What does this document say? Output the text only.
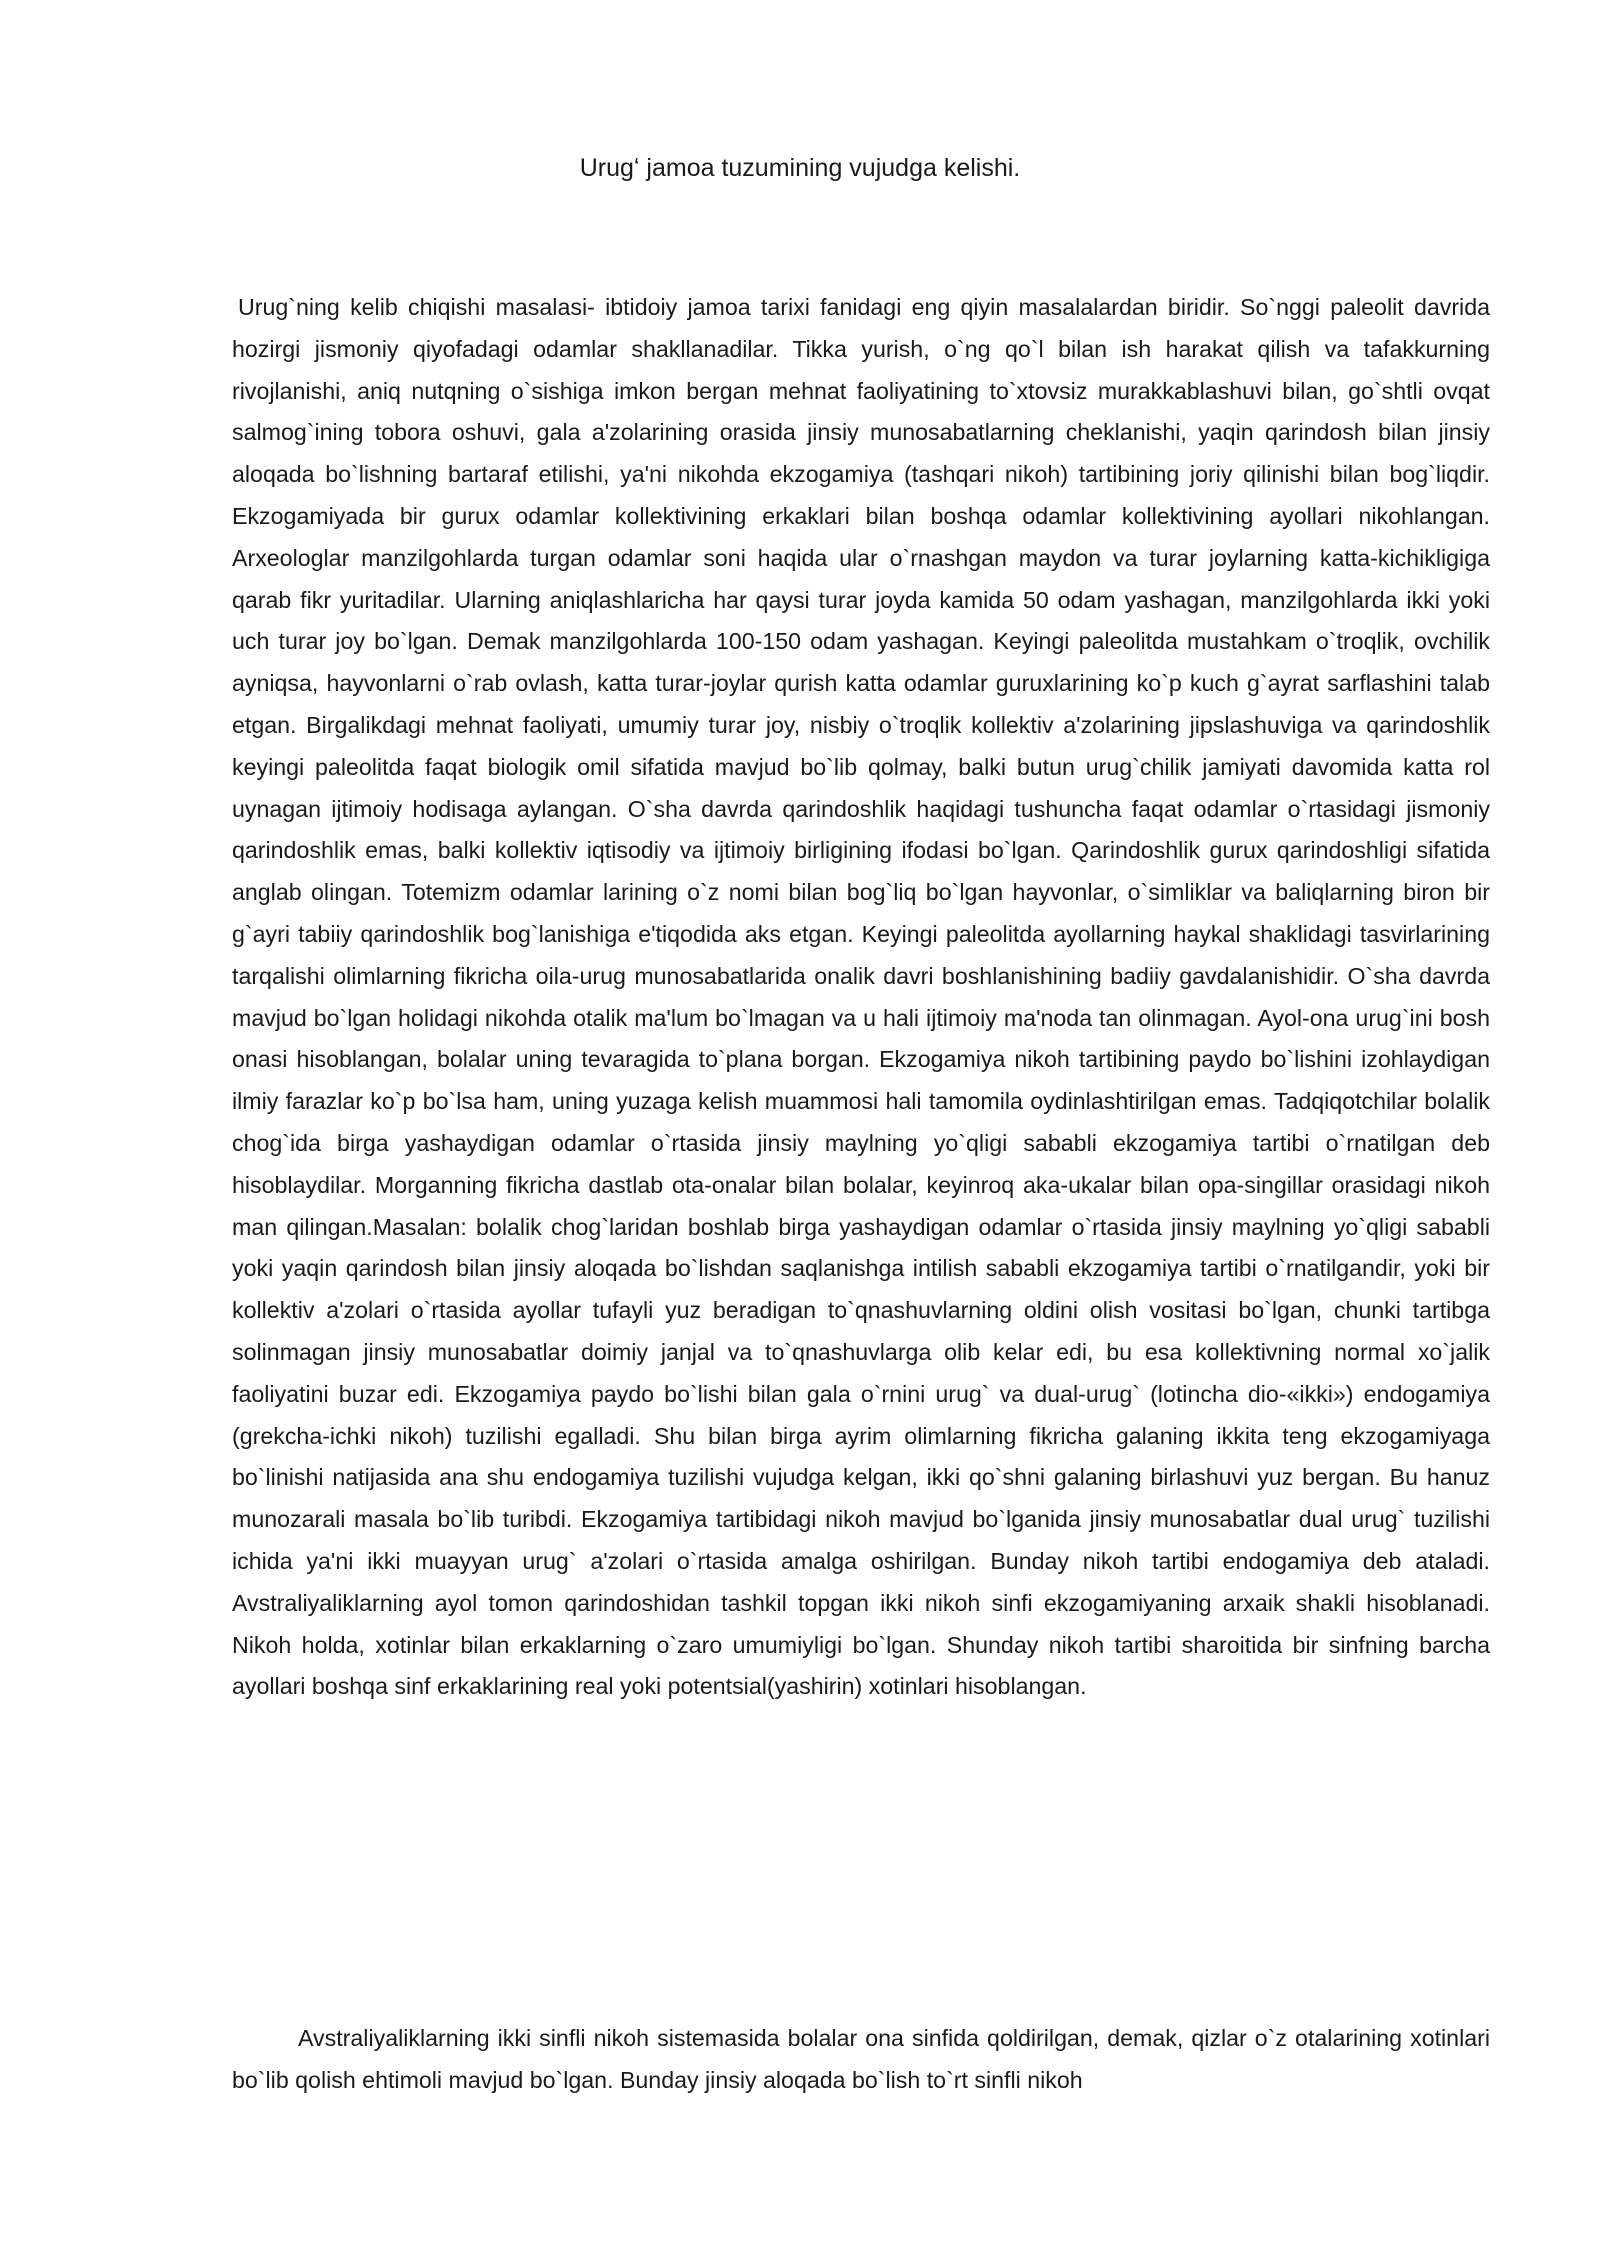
Urugʻ jamoa tuzumining vujudga kelishi.

Urug`ning kelib chiqishi masalasi- ibtidoiy jamoa tarixi fanidagi eng qiyin masalalardan biridir. So`nggi paleolit davrida hozirgi jismoniy qiyofadagi odamlar shakllanadilar. Tikka yurish, o`ng qo`l bilan ish harakat qilish va tafakkurning rivojlanishi, aniq nutqning o`sishiga imkon bergan mehnat faoliyatining to`xtovsiz murakkablashuvi bilan, go`shtli ovqat salmog`ining tobora oshuvi, gala a'zolarining orasida jinsiy munosabatlarning cheklanishi, yaqin qarindosh bilan jinsiy aloqada bo`lishning bartaraf etilishi, ya'ni nikohda ekzogamiya (tashqari nikoh) tartibining joriy qilinishi bilan bog`liqdir. Ekzogamiyada bir gurux odamlar kollektivining erkaklari bilan boshqa odamlar kollektivining ayollari nikohlangan. Arxeologlar manzilgohlarda turgan odamlar soni haqida ular o`rnashgan maydon va turar joylarning katta-kichikligiga qarab fikr yuritadilar. Ularning aniqlashlaricha har qaysi turar joyda kamida 50 odam yashagan, manzilgohlarda ikki yoki uch turar joy bo`lgan. Demak manzilgohlarda 100-150 odam yashagan. Keyingi paleolitda mustahkam o`troqlik, ovchilik ayniqsa, hayvonlarni o`rab ovlash, katta turar-joylar qurish katta odamlar guruxlarining ko`p kuch g`ayrat sarflashini talab etgan. Birgalikdagi mehnat faoliyati, umumiy turar joy, nisbiy o`troqlik kollektiv a'zolarining jipslashuviga va qarindoshlik keyingi paleolitda faqat biologik omil sifatida mavjud bo`lib qolmay, balki butun urug`chilik jamiyati davomida katta rol uynagan ijtimoiy hodisaga aylangan. O`sha davrda qarindoshlik haqidagi tushuncha faqat odamlar o`rtasidagi jismoniy qarindoshlik emas, balki kollektiv iqtisodiy va ijtimoiy birligining ifodasi bo`lgan. Qarindoshlik gurux qarindoshligi sifatida anglab olingan. Totemizm odamlar larining o`z nomi bilan bog`liq bo`lgan hayvonlar, o`simliklar va baliqlarning biron bir g`ayri tabiiy qarindoshlik bog`lanishiga e'tiqodida aks etgan. Keyingi paleolitda ayollarning haykal shaklidagi tasvirlarining tarqalishi olimlarning fikricha oila-urug munosabatlarida onalik davri boshlanishining badiiy gavdalanishidir. O`sha davrda mavjud bo`lgan holidagi nikohda otalik ma'lum bo`lmagan va u hali ijtimoiy ma'noda tan olinmagan. Ayol-ona urug`ini bosh onasi hisoblangan, bolalar uning tevaragida to`plana borgan. Ekzogamiya nikoh tartibining paydo bo`lishini izohlaydigan ilmiy farazlar ko`p bo`lsa ham, uning yuzaga kelish muammosi hali tamomila oydinlashtirilgan emas. Tadqiqotchilar bolalik chog`ida birga yashaydigan odamlar o`rtasida jinsiy maylning yo`qligi sababli ekzogamiya tartibi o`rnatilgan deb hisoblaydilar. Morganning fikricha dastlab ota-onalar bilan bolalar, keyinroq aka-ukalar bilan opa-singillar orasidagi nikoh man qilingan.Masalan: bolalik chog`laridan boshlab birga yashaydigan odamlar o`rtasida jinsiy maylning yo`qligi sababli yoki yaqin qarindosh bilan jinsiy aloqada bo`lishdan saqlanishga intilish sababli ekzogamiya tartibi o`rnatilgandir, yoki bir kollektiv a'zolari o`rtasida ayollar tufayli yuz beradigan to`qnashuvlarning oldini olish vositasi bo`lgan, chunki tartibga solinmagan jinsiy munosabatlar doimiy janjal va to`qnashuvlarga olib kelar edi, bu esa kollektivning normal xo`jalik faoliyatini buzar edi. Ekzogamiya paydo bo`lishi bilan gala o`rnini urug` va dual-urug` (lotincha dio-«ikki») endogamiya (grekcha-ichki nikoh) tuzilishi egalladi. Shu bilan birga ayrim olimlarning fikricha galaning ikkita teng ekzogamiyaga bo`linishi natijasida ana shu endogamiya tuzilishi vujudga kelgan, ikki qo`shni galaning birlashuvi yuz bergan. Bu hanuz munozarali masala bo`lib turibdi. Ekzogamiya tartibidagi nikoh mavjud bo`lganida jinsiy munosabatlar dual urug` tuzilishi ichida ya'ni ikki muayyan urug` a'zolari o`rtasida amalga oshirilgan. Bunday nikoh tartibi endogamiya deb ataladi. Avstraliyaliklarning ayol tomon qarindoshidan tashkil topgan ikki nikoh sinfi ekzogamiyaning arxaik shakli hisoblanadi. Nikoh holda, xotinlar bilan erkaklarning o`zaro umumiyligi bo`lgan. Shunday nikoh tartibi sharoitida bir sinfning barcha ayollari boshqa sinf erkaklarining real yoki potentsial(yashirin) xotinlari hisoblangan.

Avstraliyaliklarning ikki sinfli nikoh sistemasida bolalar ona sinfida qoldirilgan, demak, qizlar o`z otalarining xotinlari bo`lib qolish ehtimoli mavjud bo`lgan. Bunday jinsiy aloqada bo`lish to`rt sinfli nikoh
